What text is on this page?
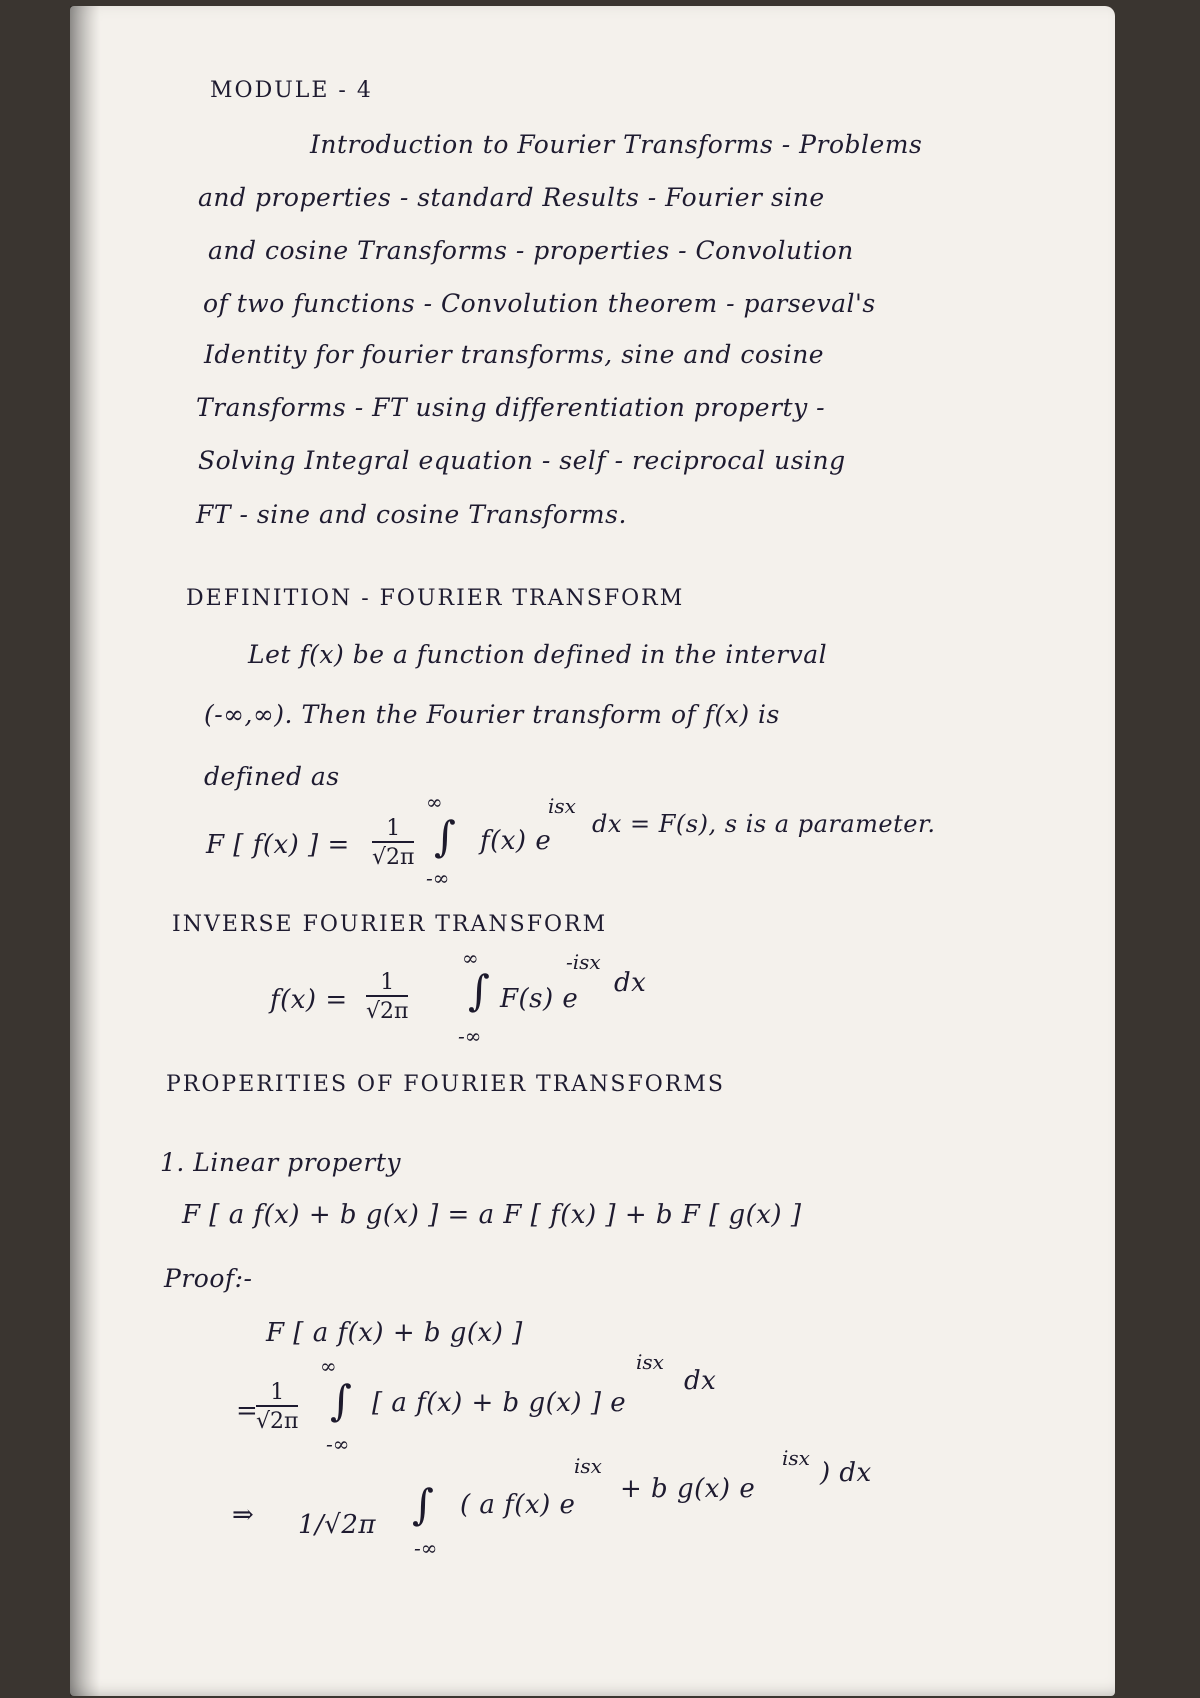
MODULE - 4
Introduction to Fourier Transforms - Problems
and properties - standard Results - Fourier sine
and cosine Transforms - properties - Convolution
of two functions - Convolution theorem - parseval's
Identity for fourier transforms, sine and cosine
Transforms - FT using differentiation property -
Solving Integral equation - self - reciprocal using
FT - sine and cosine Transforms.
DEFINITION - FOURIER TRANSFORM
Let f(x) be a function defined in the interval
(-∞,∞). Then the Fourier transform of f(x) is
defined as
F [ f(x) ] =
1
√2π
∞
∫
-∞
f(x) e
isx
dx = F(s), s is a parameter.
INVERSE FOURIER TRANSFORM
f(x) =
1
√2π
∞
∫
-∞
F(s) e
-isx
dx
PROPERITIES OF FOURIER TRANSFORMS
1. Linear property
F [ a f(x) + b g(x) ] = a F [ f(x) ] + b F [ g(x) ]
Proof:-
F [ a f(x) + b g(x) ]
=
1
√2π
∞
∫
-∞
[ a f(x) + b g(x) ] e
isx
dx
⇒ 1/√2π ∫
-∞
( a f(x) e
isx
+ b g(x) e
isx ) dx
